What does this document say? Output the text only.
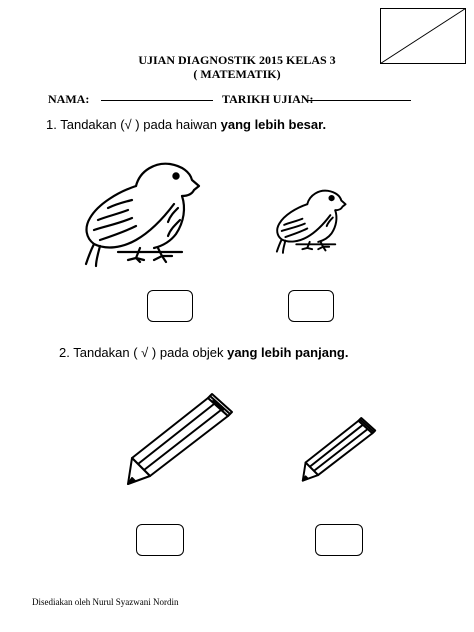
UJIAN DIAGNOSTIK 2015 KELAS 3
( MATEMATIK)
NAMA:	TARIKH UJIAN:
1. Tandakan (√ ) pada haiwan yang lebih besar.
2. Tandakan ( √ ) pada objek yang lebih panjang.
Disediakan oleh Nurul Syazwani Nordin
